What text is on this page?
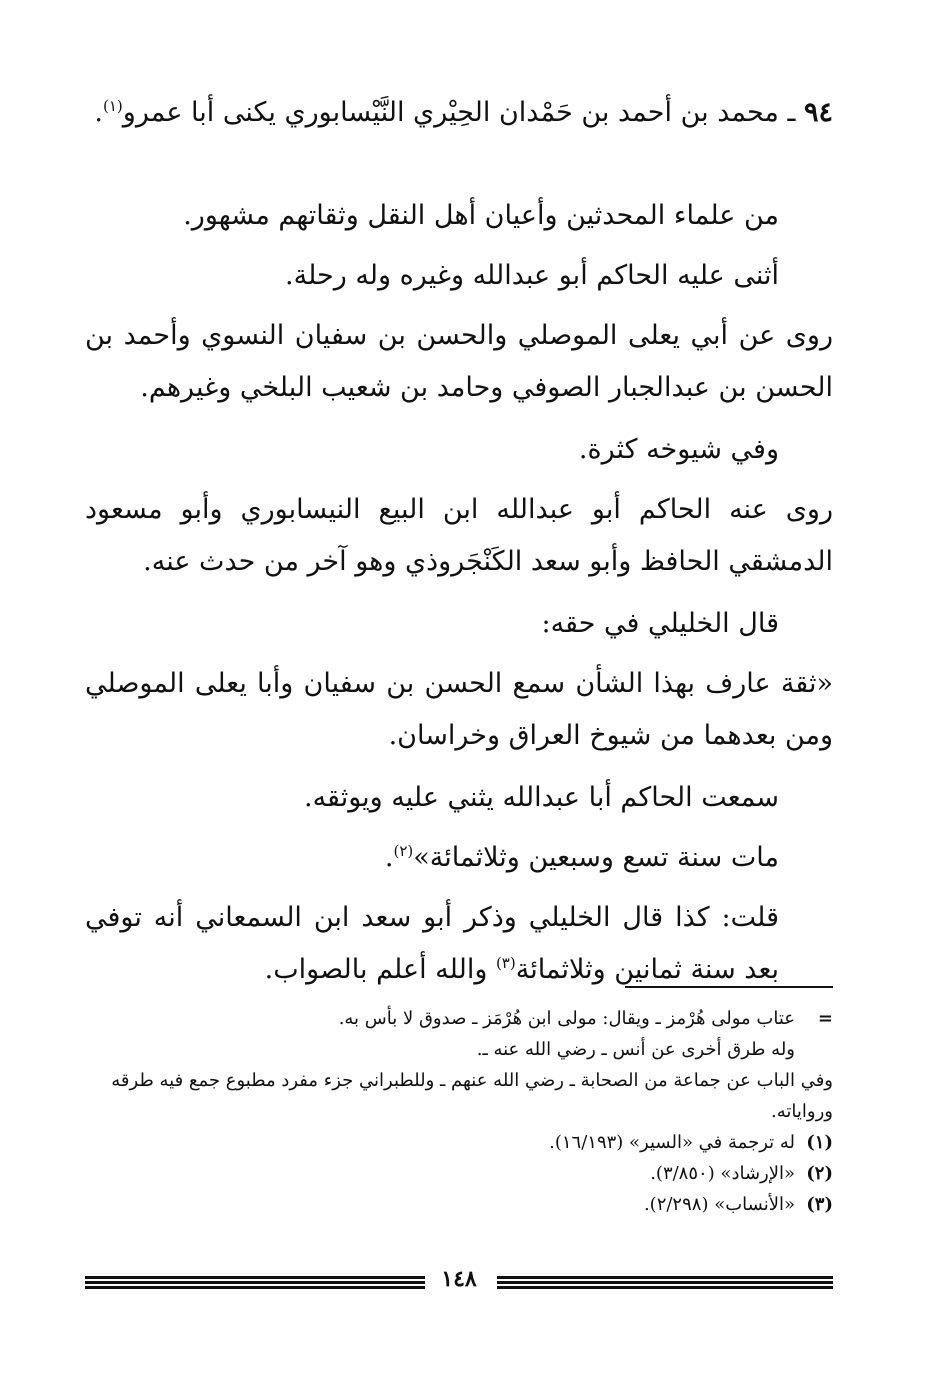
٩٤ ـ محمد بن أحمد بن حَمْدان الحِيْري النَّيْسابوري يكنى أبا عمرو$^{(١)}$.
من علماء المحدثين وأعيان أهل النقل وثقاتهم مشهور.
أثنى عليه الحاكم أبو عبدالله وغيره وله رحلة.
روى عن أبي يعلى الموصلي والحسن بن سفيان النسوي وأحمد بن الحسن بن عبدالجبار الصوفي وحامد بن شعيب البلخي وغيرهم.
وفي شيوخه كثرة.
روى عنه الحاكم أبو عبدالله ابن البيع النيسابوري وأبو مسعود الدمشقي الحافظ وأبو سعد الكَنْجَروذي وهو آخر من حدث عنه.
قال الخليلي في حقه:
«ثقة عارف بهذا الشأن سمع الحسن بن سفيان وأبا يعلى الموصلي ومن بعدهما من شيوخ العراق وخراسان.
سمعت الحاكم أبا عبدالله يثني عليه ويوثقه.
مات سنة تسع وسبعين وثلاثمائة»$^{(٢)}$.
قلت: كذا قال الخليلي وذكر أبو سعد ابن السمعاني أنه توفي بعد سنة ثمانين وثلاثمائة$^{(٣)}$ والله أعلم بالصواب.
=
عتاب مولى هُرْمز ـ ويقال: مولى ابن هُرْمَز ـ صدوق لا بأس به.
وله طرق أخرى عن أنس ـ رضي الله عنه ـ.
وفي الباب عن جماعة من الصحابة ـ رضي الله عنهم ـ وللطبراني جزء مفرد مطبوع جمع فيه طرقه ورواياته.
(١)
له ترجمة في «السير» (١٦/١٩٣).
(٢)
«الإرشاد» (٣/٨٥٠).
(٣)
«الأنساب» (٢/٢٩٨).
١٤٨
